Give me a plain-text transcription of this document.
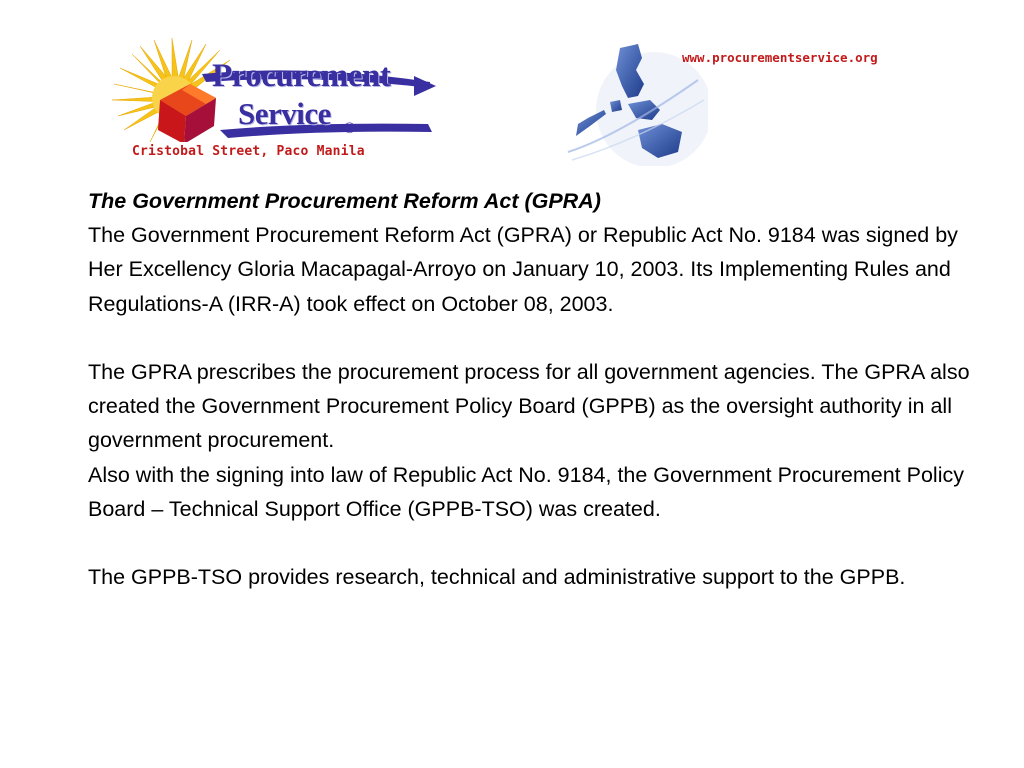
Procurement
Service ®
Cristobal Street, Paco Manila
www.procurementservice.org

The Government Procurement Reform Act (GPRA)

The Government Procurement Reform Act (GPRA) or Republic Act No. 9184 was signed by Her Excellency Gloria Macapagal-Arroyo on January 10, 2003. Its Implementing Rules and Regulations-A (IRR-A) took effect on October 08, 2003.

The GPRA prescribes the procurement process for all government agencies. The GPRA also created the Government Procurement Policy Board (GPPB) as the oversight authority in all government procurement.

Also with the signing into law of Republic Act No. 9184, the Government Procurement Policy Board – Technical Support Office (GPPB-TSO) was created.

The GPPB-TSO provides research, technical and administrative support to the GPPB.
